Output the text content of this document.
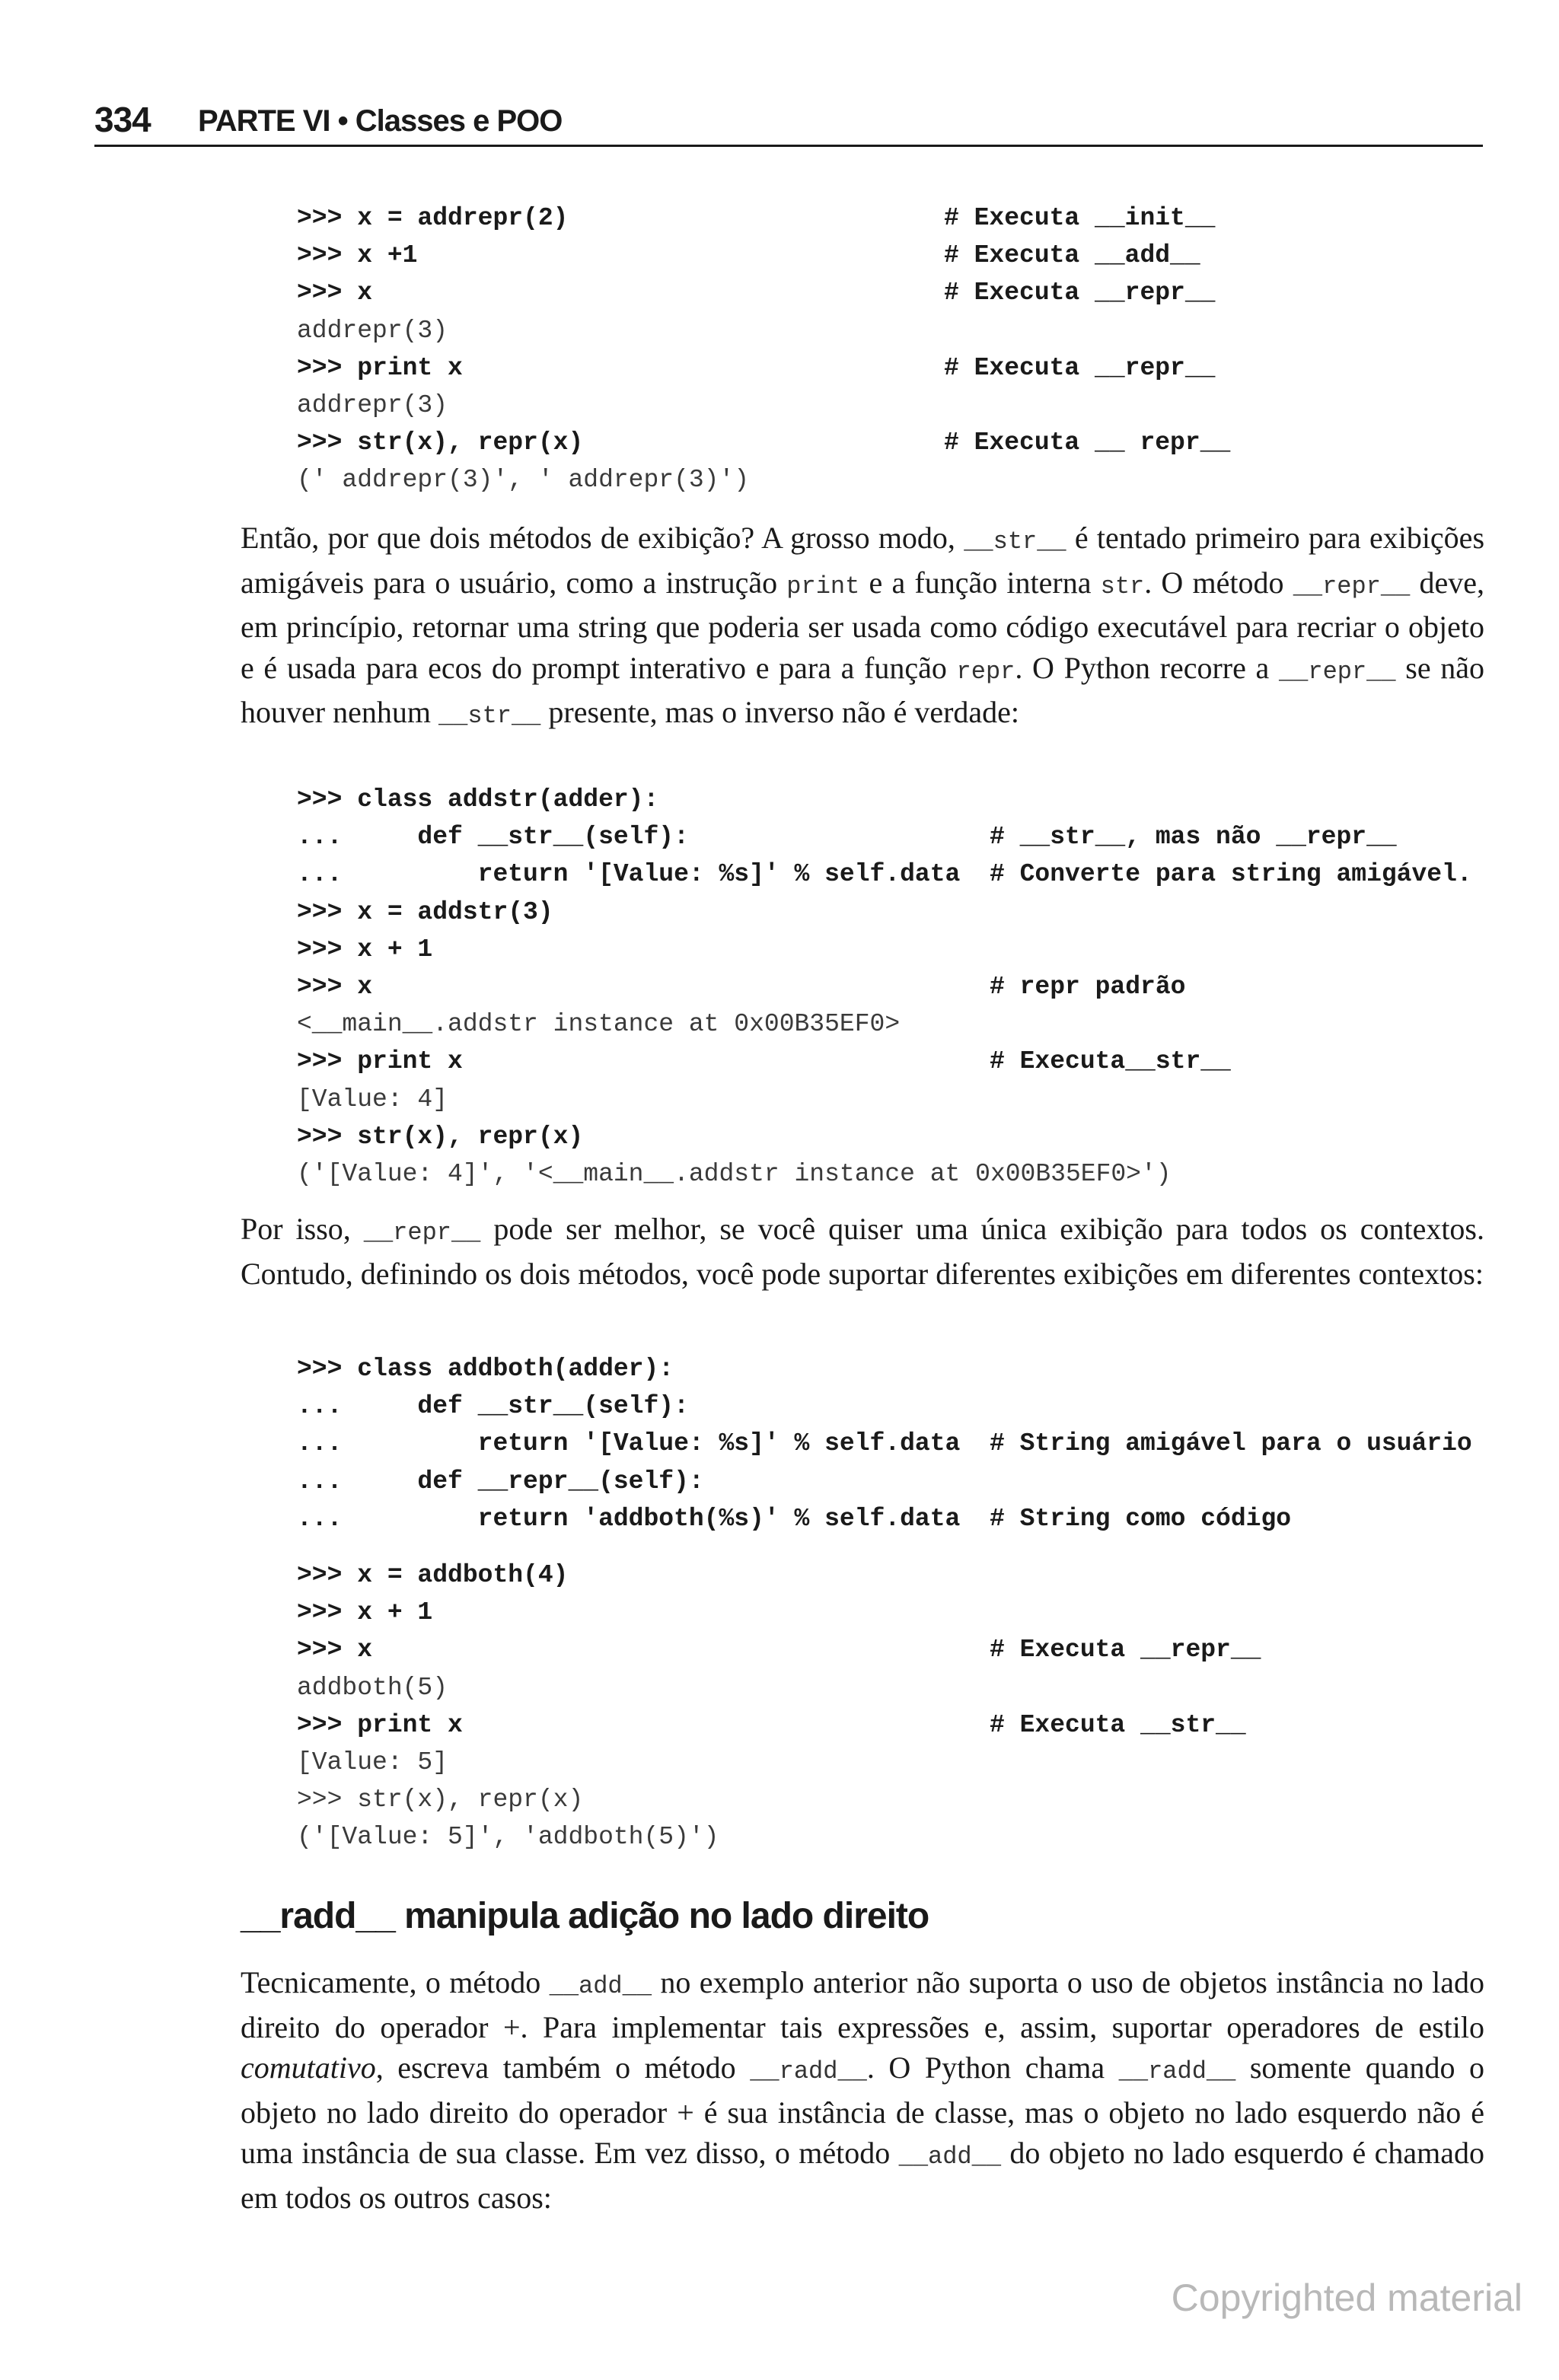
334 PARTE VI • Classes e POO
>>> x = addrepr(2)	# Executa __init__
>>> x +1	# Executa __add__
>>> x	# Executa __repr__
addrepr(3)
>>> print x	# Executa __repr__
addrepr(3)
>>> str(x), repr(x)	# Executa __ repr__
(' addrepr(3)', ' addrepr(3)')

Então, por que dois métodos de exibição? A grosso modo, __str__ é tentado primeiro para exibições amigáveis para o usuário, como a instrução print e a função interna str. O método __repr__ deve, em princípio, retornar uma string que poderia ser usada como código executável para recriar o objeto e é usada para ecos do prompt interativo e para a função repr. O Python recorre a __repr__ se não houver nenhum __str__ presente, mas o inverso não é verdade:

>>> class addstr(adder):
...     def __str__(self):	# __str__, mas não __repr__
...         return '[Value: %s]' % self.data # Converte para string amigável.
>>> x = addstr(3)
>>> x + 1
>>> x	# repr padrão
<__main__.addstr instance at 0x00B35EF0>
>>> print x	# Executa__str__
[Value: 4]
>>> str(x), repr(x)
('[Value: 4]', '<__main__.addstr instance at 0x00B35EF0>')

Por isso, __repr__ pode ser melhor, se você quiser uma única exibição para todos os contextos. Contudo, definindo os dois métodos, você pode suportar diferentes exibições em diferentes contextos:

>>> class addboth(adder):
...     def __str__(self):
...         return '[Value: %s]' % self.data # String amigável para o usuário
...     def __repr__(self):
...         return 'addboth(%s)' % self.data # String como código
>>> x = addboth(4)
>>> x + 1
>>> x	# Executa __repr__
addboth(5)
>>> print x	# Executa __str__
[Value: 5]
>>> str(x), repr(x)
('[Value: 5]', 'addboth(5)')
__radd__ manipula adição no lado direito

Tecnicamente, o método __add__ no exemplo anterior não suporta o uso de objetos instância no lado direito do operador +. Para implementar tais expressões e, assim, suportar operadores de estilo comutativo, escreva também o método __radd__. O Python chama __radd__ somente quando o objeto no lado direito do operador + é sua instância de classe, mas o objeto no lado esquerdo não é uma instância de sua classe. Em vez disso, o método __add__ do objeto no lado esquerdo é chamado em todos os outros casos:

Copyrighted material
